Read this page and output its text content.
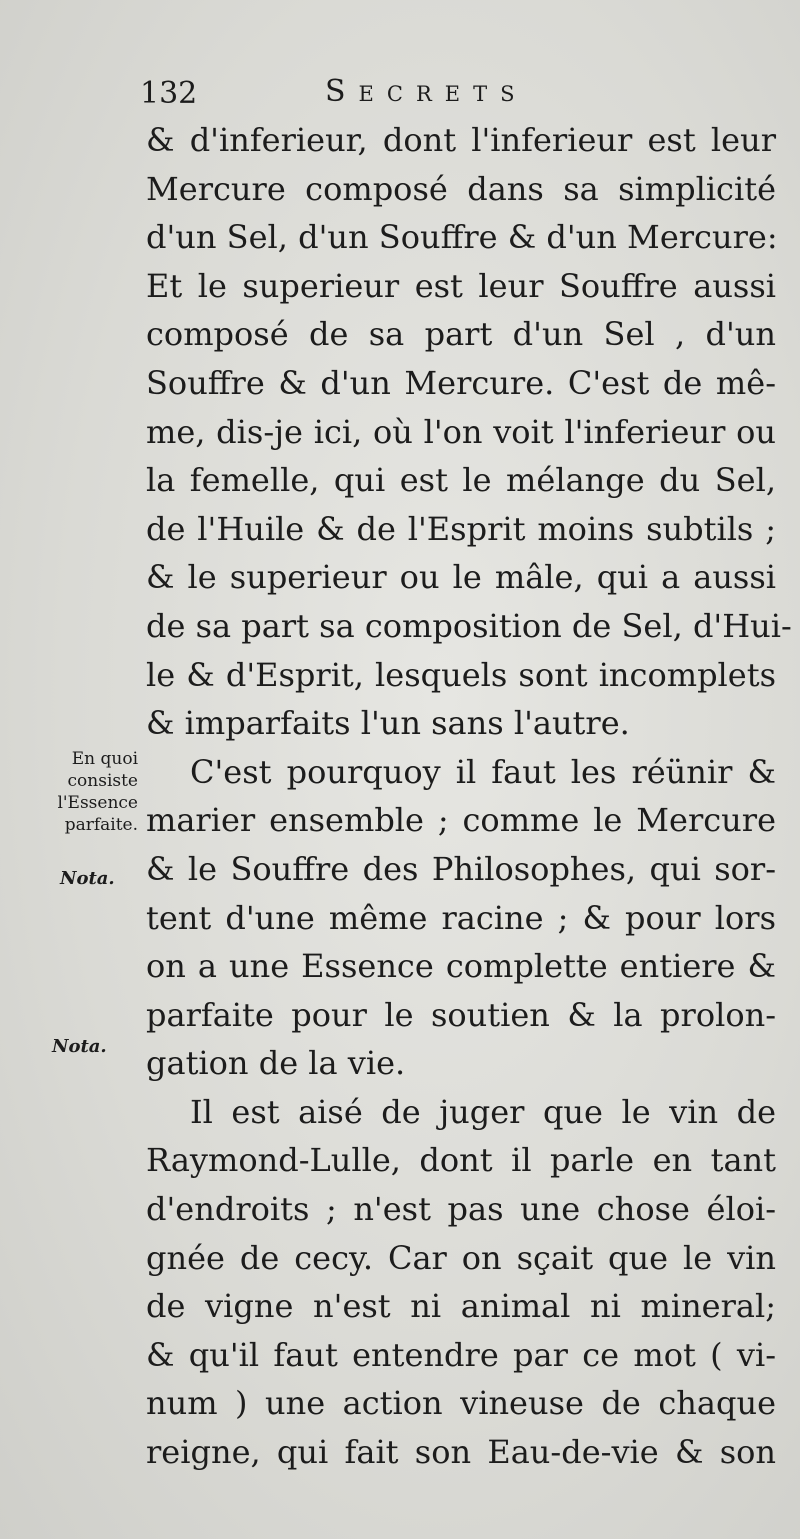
132	Secrets
En quoi
consiste
l'Essence
parfaite.
Nota.
Nota.
& d'inferieur, dont l'inferieur est leur
Mercure composé dans sa simplicité
d'un Sel, d'un Souffre & d'un Mercure:
Et le superieur est leur Souffre aussi
composé de sa part d'un Sel , d'un
Souffre & d'un Mercure. C'est de mê-
me, dis-je ici, où l'on voit l'inferieur ou
la femelle, qui est le mélange du Sel,
de l'Huile & de l'Esprit moins subtils ;
& le superieur ou le mâle, qui a aussi
de sa part sa composition de Sel, d'Hui-
le & d'Esprit, lesquels sont incomplets
& imparfaits l'un sans l'autre.
C'est pourquoy il faut les réünir &
marier ensemble ; comme le Mercure
& le Souffre des Philosophes, qui sor-
tent d'une même racine ; & pour lors
on a une Essence complette entiere &
parfaite pour le soutien & la prolon-
gation de la vie.
Il est aisé de juger que le vin de
Raymond-Lulle, dont il parle en tant
d'endroits ; n'est pas une chose éloi-
gnée de cecy. Car on sçait que le vin
de vigne n'est ni animal ni mineral;
& qu'il faut entendre par ce mot ( vi-
num ) une action vineuse de chaque
reigne, qui fait son Eau-de-vie & son
